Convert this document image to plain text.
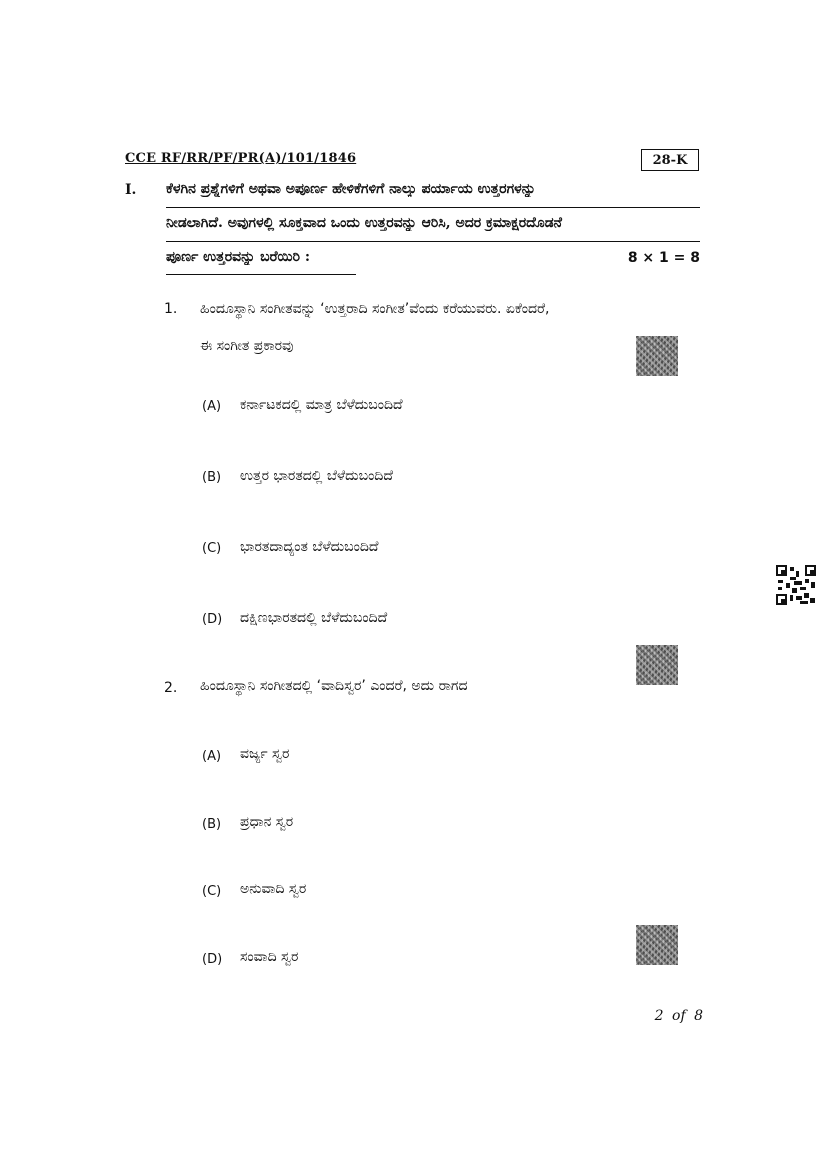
CCE RF/RR/PF/PR(A)/101/1846	28-K
I. ಕೆಳಗಿನ ಪ್ರಶ್ನೆಗಳಿಗೆ ಅಥವಾ ಅಪೂರ್ಣ ಹೇಳಿಕೆಗಳಿಗೆ ನಾಲ್ಕು ಪರ್ಯಾಯ ಉತ್ತರಗಳನ್ನು
ನೀಡಲಾಗಿದೆ. ಅವುಗಳಲ್ಲಿ ಸೂಕ್ತವಾದ ಒಂದು ಉತ್ತರವನ್ನು ಆರಿಸಿ, ಅದರ ಕ್ರಮಾಕ್ಷರದೊಡನೆ
ಪೂರ್ಣ ಉತ್ತರವನ್ನು ಬರೆಯಿರಿ :	8 × 1 = 8
1. ಹಿಂದೂಸ್ಥಾನಿ ಸಂಗೀತವನ್ನು ‘ಉತ್ತರಾದಿ ಸಂಗೀತ’ವೆಂದು ಕರೆಯುವರು. ಏಕೆಂದರೆ,
ಈ ಸಂಗೀತ ಪ್ರಕಾರವು
(A) ಕರ್ನಾಟಕದಲ್ಲಿ ಮಾತ್ರ ಬೆಳೆದುಬಂದಿದೆ
(B) ಉತ್ತರ ಭಾರತದಲ್ಲಿ ಬೆಳೆದುಬಂದಿದೆ
(C) ಭಾರತದಾದ್ಯಂತ ಬೆಳೆದುಬಂದಿದೆ
(D) ದಕ್ಷಿಣಭಾರತದಲ್ಲಿ ಬೆಳೆದುಬಂದಿದೆ
2. ಹಿಂದೂಸ್ಥಾನಿ ಸಂಗೀತದಲ್ಲಿ ‘ವಾದಿಸ್ವರ’ ಎಂದರೆ, ಅದು ರಾಗದ
(A) ವರ್ಜ್ಯ ಸ್ವರ
(B) ಪ್ರಧಾನ ಸ್ವರ
(C) ಅನುವಾದಿ ಸ್ವರ
(D) ಸಂವಾದಿ ಸ್ವರ
2 of 8
